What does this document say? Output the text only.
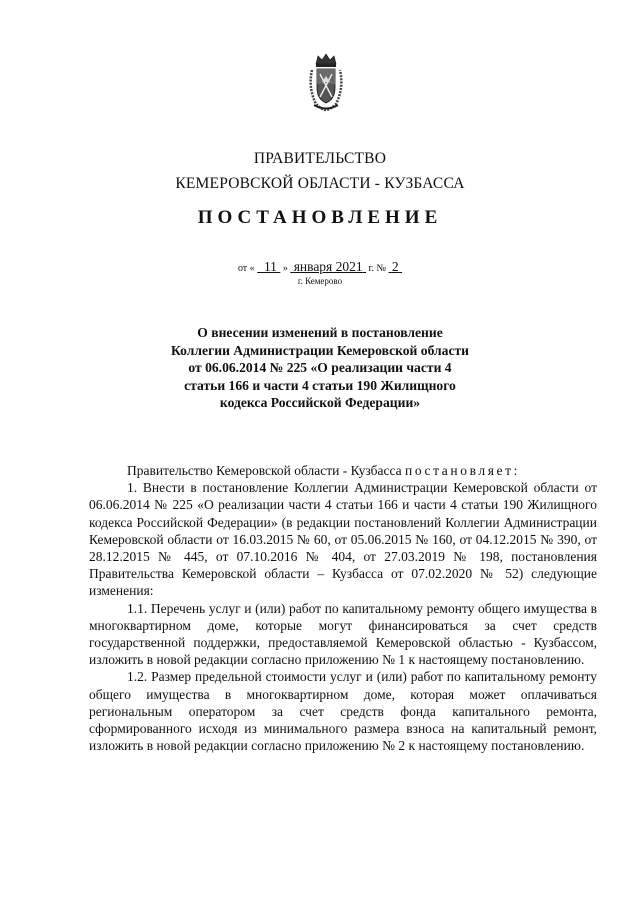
ПРАВИТЕЛЬСТВО
КЕМЕРОВСКОЙ ОБЛАСТИ - КУЗБАССА
ПОСТАНОВЛЕНИЕ
от « 11 » января 2021 г. № 2
г. Кемерово
О внесении изменений в постановление
Коллегии Администрации Кемеровской области
от 06.06.2014 № 225 «О реализации части 4
статьи 166 и части 4 статьи 190 Жилищного
кодекса Российской Федерации»

Правительство Кемеровской области - Кузбасса постановляет:

1. Внести в постановление Коллегии Администрации Кемеровской области от 06.06.2014 № 225 «О реализации части 4 статьи 166 и части 4 статьи 190 Жилищного кодекса Российской Федерации» (в редакции постановлений Коллегии Администрации Кемеровской области от 16.03.2015 № 60, от 05.06.2015 № 160, от 04.12.2015 № 390, от 28.12.2015 № 445, от 07.10.2016 № 404, от 27.03.2019 № 198, постановления Правительства Кемеровской области – Кузбасса от 07.02.2020 № 52) следующие изменения:

1.1. Перечень услуг и (или) работ по капитальному ремонту общего имущества в многоквартирном доме, которые могут финансироваться за счет средств государственной поддержки, предоставляемой Кемеровской областью - Кузбассом, изложить в новой редакции согласно приложению № 1 к настоящему постановлению.

1.2. Размер предельной стоимости услуг и (или) работ по капитальному ремонту общего имущества в многоквартирном доме, которая может оплачиваться региональным оператором за счет средств фонда капитального ремонта, сформированного исходя из минимального размера взноса на капитальный ремонт, изложить в новой редакции согласно приложению № 2 к настоящему постановлению.
